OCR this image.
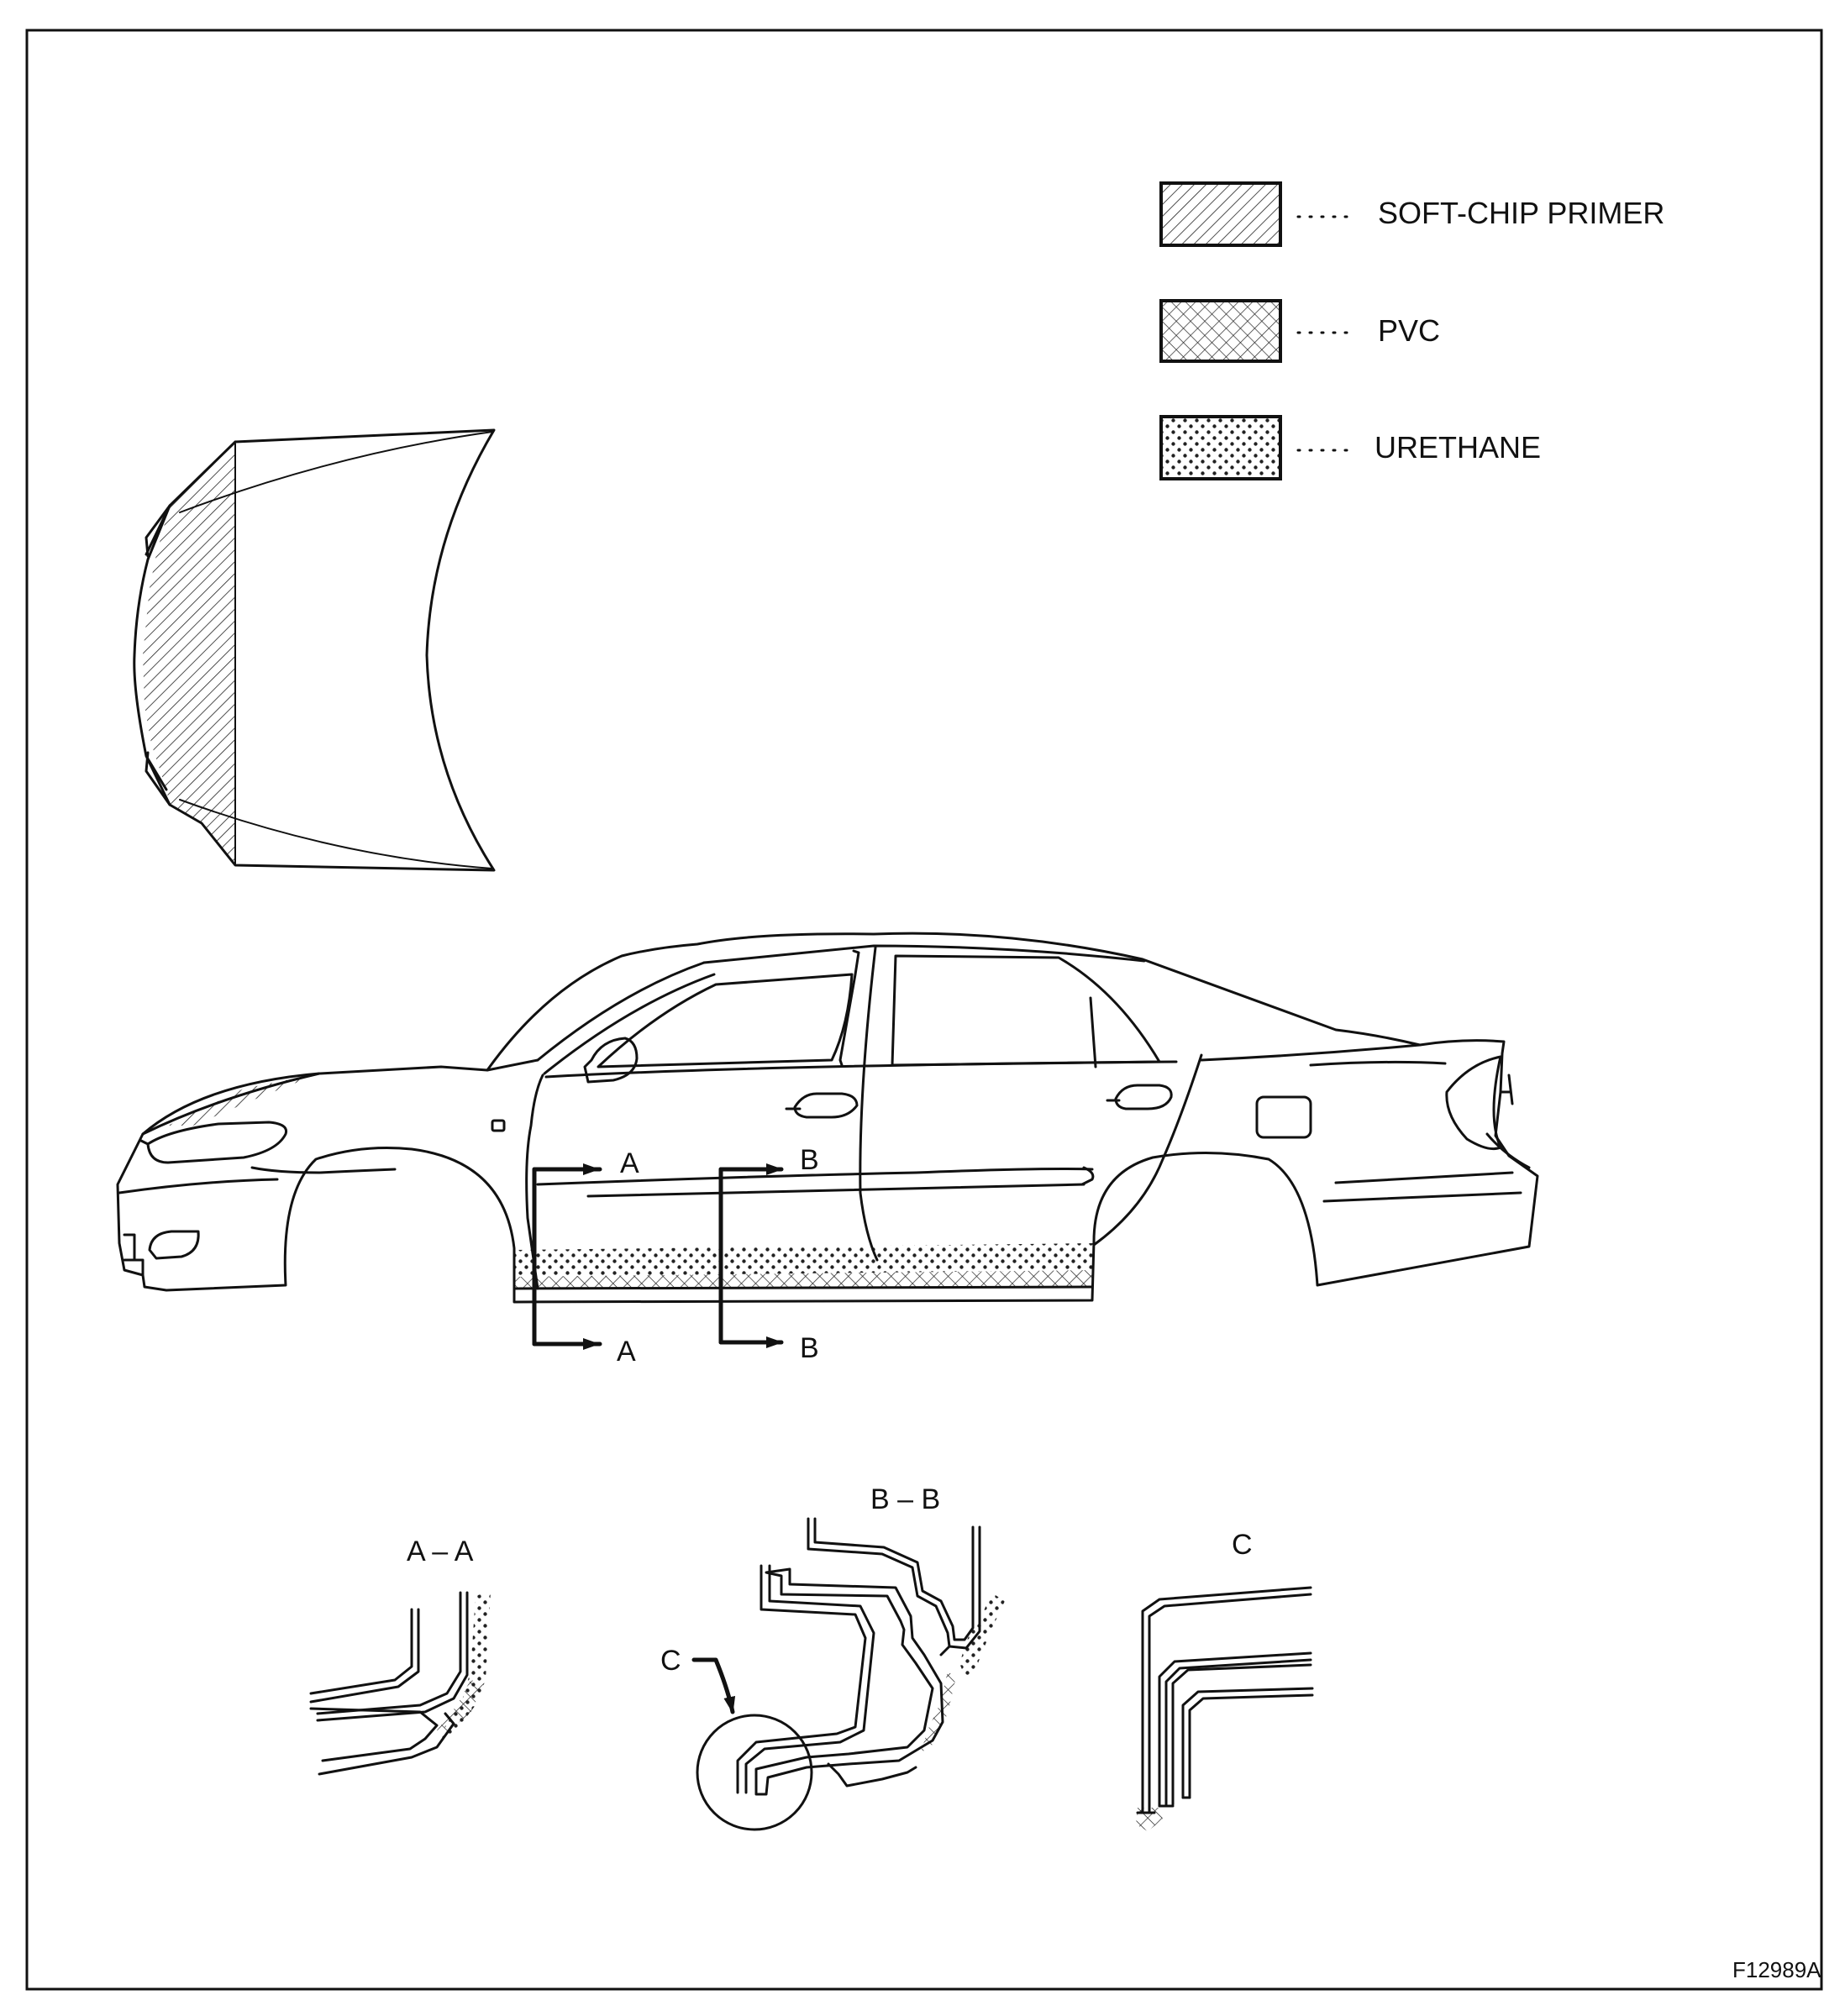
SOFT-CHIP PRIMER
PVC
URETHANE
A
A
B
B
A – A
B – B
C
C
F12989A
